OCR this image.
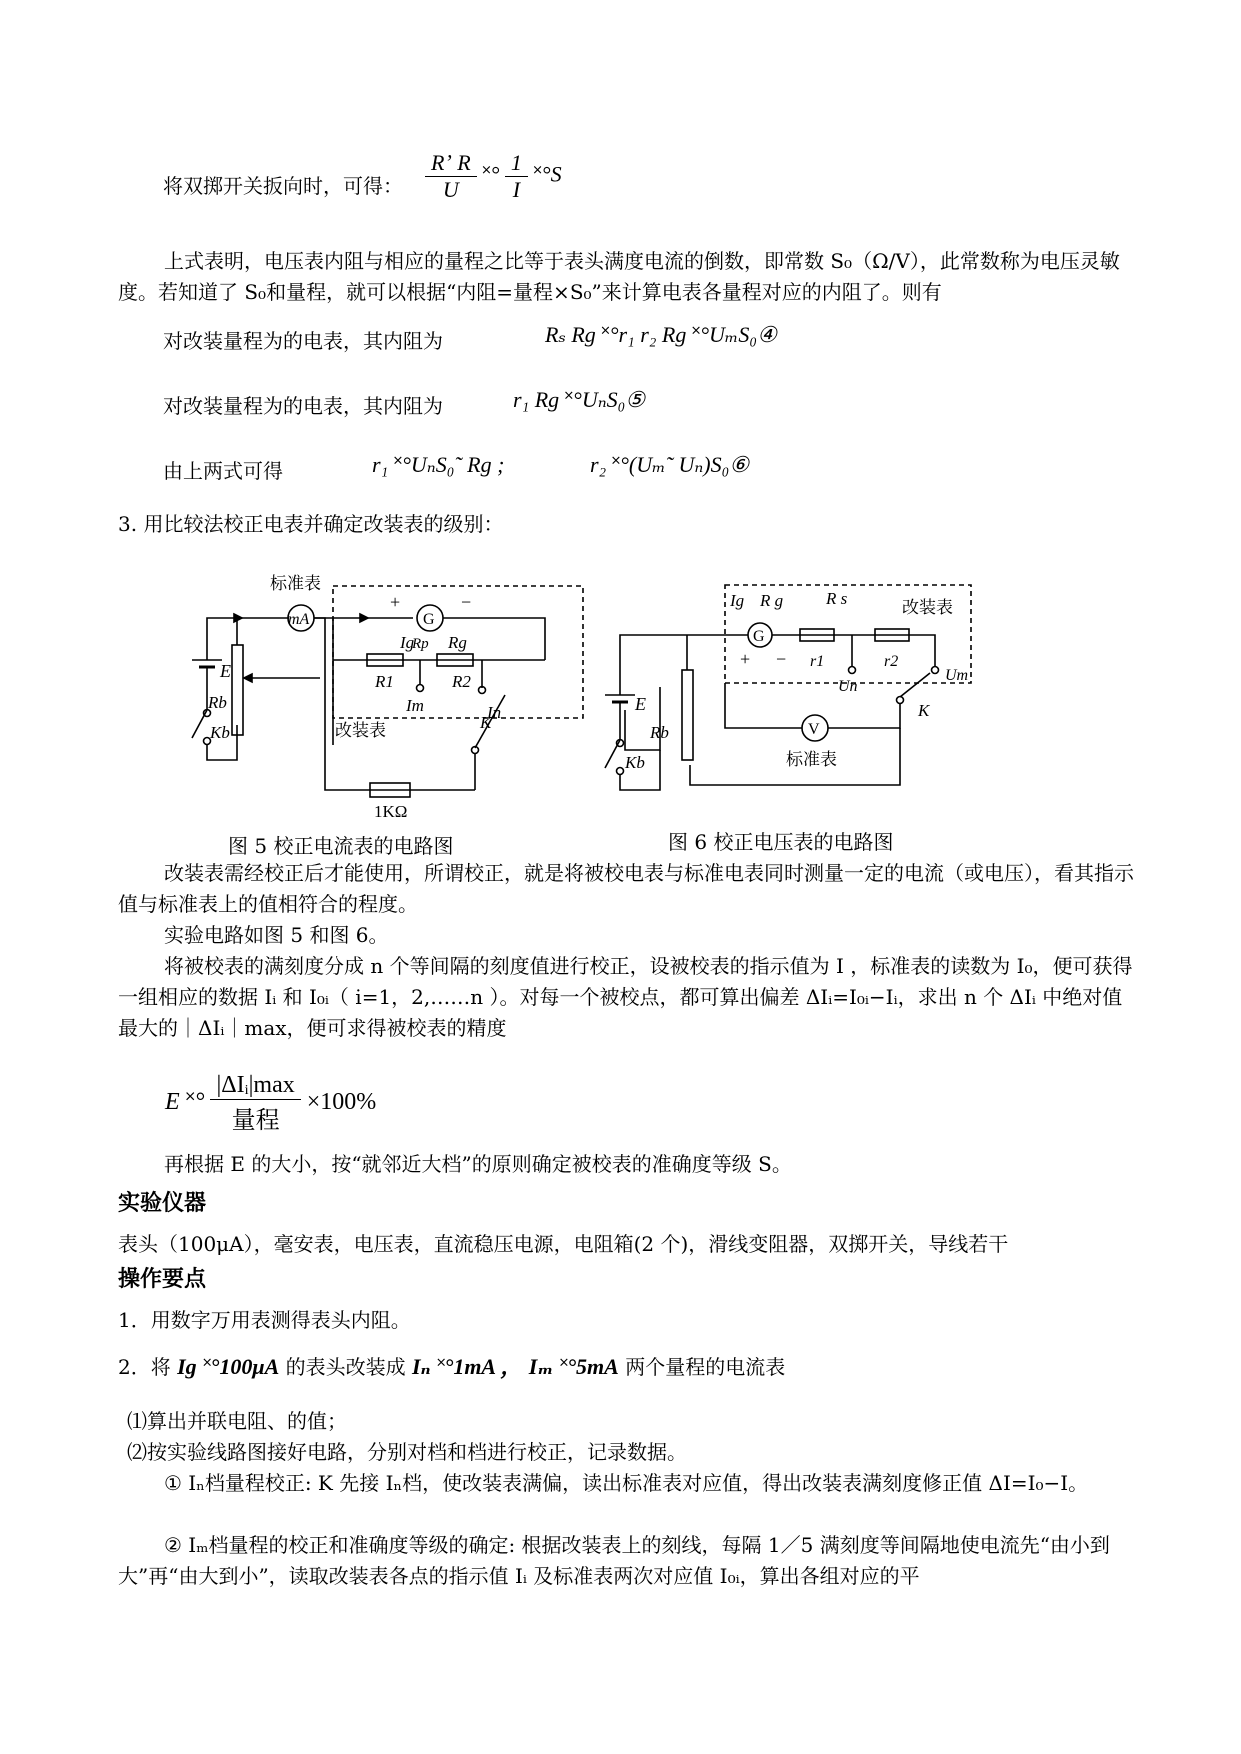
将双掷开关扳向时，可得： $\frac{\text{Rʼ R}}{U}$ ˟° $\frac{1}{I}$ ˟°S
上式表明，电压表内阻与相应的量程之比等于表头满度电流的倒数，即常数 S₀（Ω/V），此常数称为电压灵敏度。若知道了 S₀和量程，就可以根据“内阻=量程×S₀”来计算电表各量程对应的内阻了。则有
对改装量程为的电表，其内阻为	Rₛ Rg ˟°r₁ r₂ Rg ˟°UₘS₀④
对改装量程为的电表，其内阻为	r₁ Rg ˟°UₙS₀⑤
由上两式可得	r₁ ˟°UₙS₀˜ Rg ;	r₂ ˟°(Uₘ˜ Uₙ)S₀⑥
3. 用比较法校正电表并确定改装表的级别：
标准表
mA
+
G
−
Ig Rg
Rp
R1	R2
Im
改装表
In
K
1KΩ
E
Kb
Rb
图 5 校正电流表的电路图
Ig R g	R s	改装表
G
+ − r1	r2
Un
Um
K
V
标准表
Rb
E
Kb
图 6 校正电压表的电路图
改装表需经校正后才能使用，所谓校正，就是将被校电表与标准电表同时测量一定的电流（或电压），看其指示值与标准表上的值相符合的程度。
实验电路如图 5 和图 6。
将被校表的满刻度分成 n 个等间隔的刻度值进行校正，设被校表的指示值为 I ，标准表的读数为 I₀，便可获得一组相应的数据 Iᵢ 和 I₀ᵢ（ i=1，2,……n ）。对每一个被校点，都可算出偏差 ΔIᵢ=I₀ᵢ−Iᵢ，求出 n 个 ΔIᵢ 中绝对值最大的｜ΔIᵢ｜max，便可求得被校表的精度
E ˟° $\frac{\text{|ΔIᵢ|max}}{\text{量程}} \times 100\%$
再根据 E 的大小，按“就邻近大档”的原则确定被校表的准确度等级 S。
实验仪器
表头（100μA），毫安表，电压表，直流稳压电源，电阻箱(2 个)，滑线变阻器，双掷开关，导线若干
操作要点
1．用数字万用表测得表头内阻。
2．将 Ig ˟°100μA 的表头改装成 Iₙ ˟°1mA ， Iₘ ˟°5mA 两个量程的电流表
⑴算出并联电阻、的值；
⑵按实验线路图接好电路，分别对档和档进行校正，记录数据。
① Iₙ档量程校正: K 先接 Iₙ档，使改装表满偏，读出标准表对应值，得出改装表满刻度修正值 ΔI=I₀−I。
② Iₘ档量程的校正和准确度等级的确定: 根据改装表上的刻线，每隔 1／5 满刻度等间隔地使电流先“由小到大”再“由大到小”，读取改装表各点的指示值 Iᵢ 及标准表两次对应值 I₀ᵢ，算出各组对应的平
